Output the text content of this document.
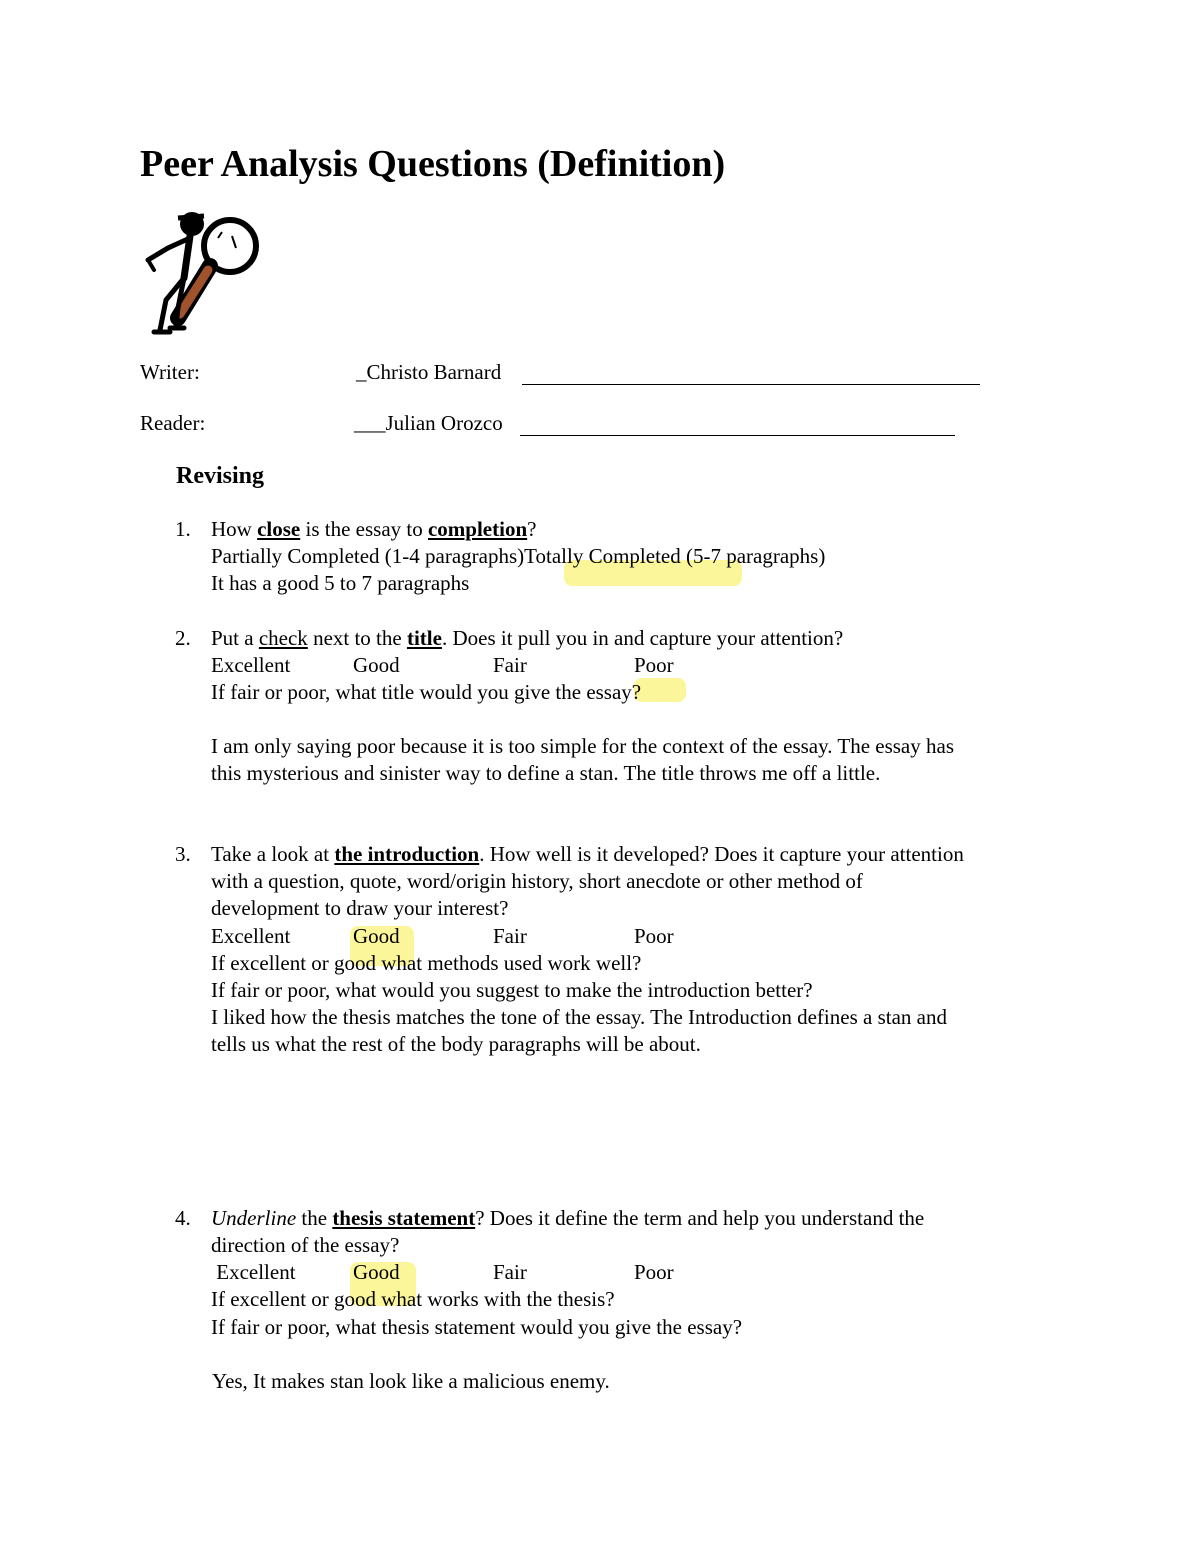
Peer Analysis Questions (Definition)
Writer:	_Christo Barnard
Reader:	___Julian Orozco
Revising
1. How close is the essay to completion?
Partially Completed (1-4 paragraphs)Totally Completed (5-7 paragraphs)
It has a good 5 to 7 paragraphs
2. Put a check next to the title. Does it pull you in and capture your attention?
Excellent	Good	Fair	Poor
If fair or poor, what title would you give the essay?
I am only saying poor because it is too simple for the context of the essay. The essay has
this mysterious and sinister way to define a stan. The title throws me off a little.
3. Take a look at the introduction. How well is it developed? Does it capture your attention
with a question, quote, word/origin history, short anecdote or other method of
development to draw your interest?
Excellent	Good	Fair	Poor
If excellent or good what methods used work well?
If fair or poor, what would you suggest to make the introduction better?
I liked how the thesis matches the tone of the essay. The Introduction defines a stan and
tells us what the rest of the body paragraphs will be about.
4. Underline the thesis statement? Does it define the term and help you understand the
direction of the essay?
Excellent	Good	Fair	Poor
If excellent or good what works with the thesis?
If fair or poor, what thesis statement would you give the essay?
Yes, It makes stan look like a malicious enemy.
